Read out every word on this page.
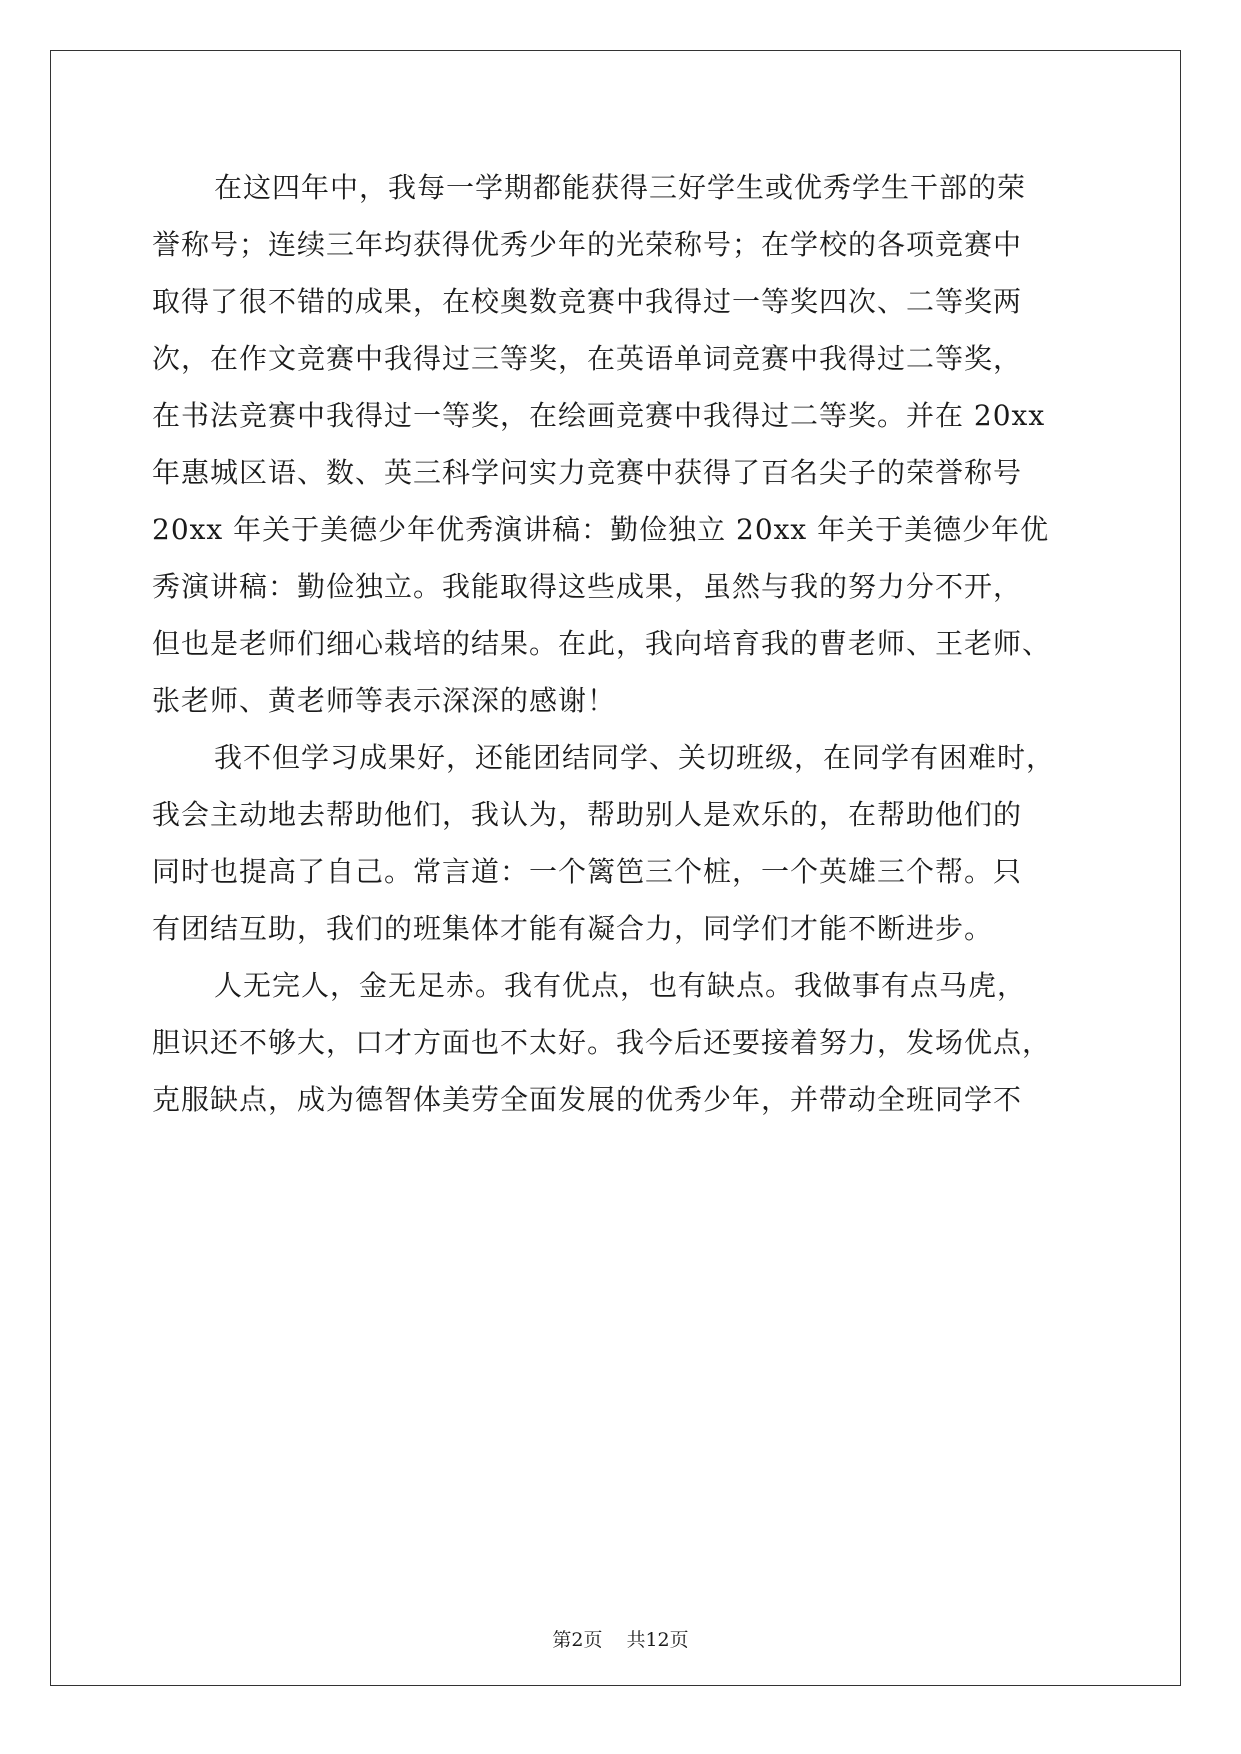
在这四年中，我每一学期都能获得三好学生或优秀学生干部的荣
誉称号；连续三年均获得优秀少年的光荣称号；在学校的各项竞赛中
取得了很不错的成果，在校奥数竞赛中我得过一等奖四次、二等奖两
次，在作文竞赛中我得过三等奖，在英语单词竞赛中我得过二等奖，
在书法竞赛中我得过一等奖，在绘画竞赛中我得过二等奖。并在 20xx
年惠城区语、数、英三科学问实力竞赛中获得了百名尖子的荣誉称号
20xx 年关于美德少年优秀演讲稿：勤俭独立 20xx 年关于美德少年优
秀演讲稿：勤俭独立。我能取得这些成果，虽然与我的努力分不开，
但也是老师们细心栽培的结果。在此，我向培育我的曹老师、王老师、
张老师、黄老师等表示深深的感谢！
我不但学习成果好，还能团结同学、关切班级，在同学有困难时，
我会主动地去帮助他们，我认为，帮助别人是欢乐的，在帮助他们的
同时也提高了自己。常言道：一个篱笆三个桩，一个英雄三个帮。只
有团结互助，我们的班集体才能有凝合力，同学们才能不断进步。
人无完人，金无足赤。我有优点，也有缺点。我做事有点马虎，
胆识还不够大，口才方面也不太好。我今后还要接着努力，发场优点，
克服缺点，成为德智体美劳全面发展的优秀少年，并带动全班同学不
第2页 共12页
